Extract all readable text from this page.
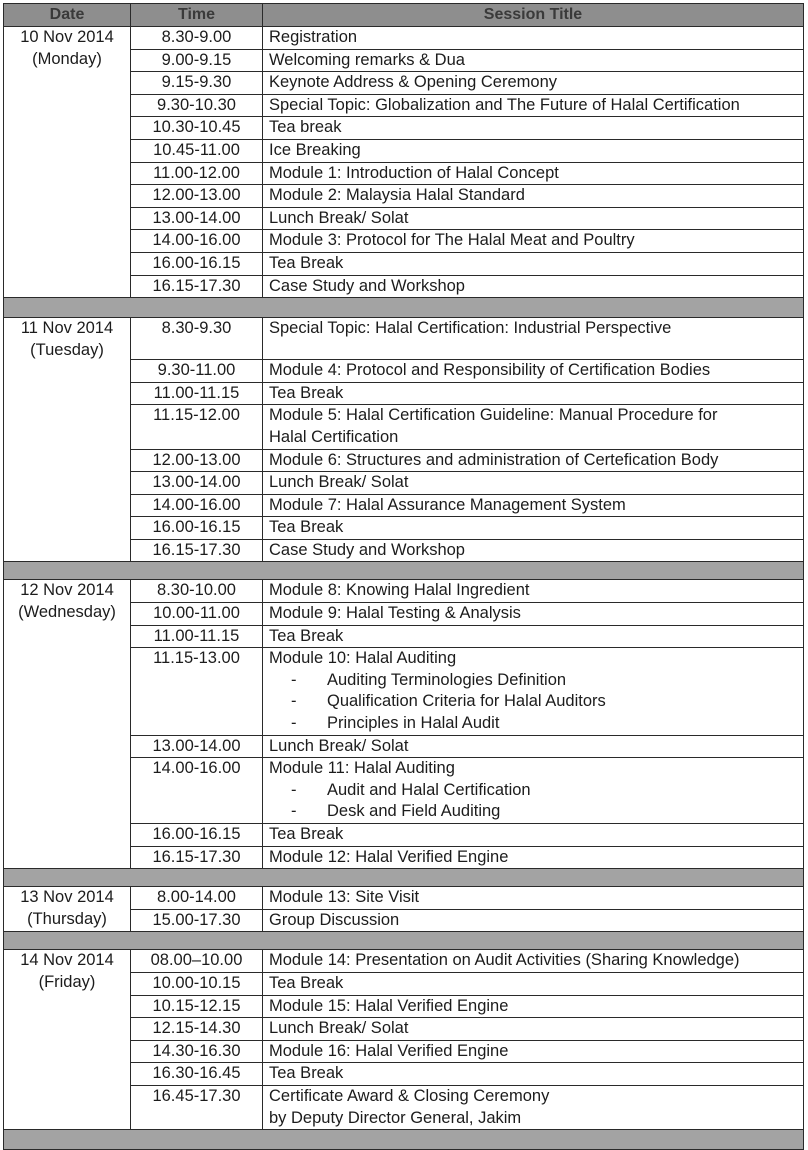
Date	Time	Session Title

10 Nov 2014
(Monday)	8.30-9.00	Registration

	9.00-9.15	Welcoming remarks & Dua

	9.15-9.30	Keynote Address & Opening Ceremony

	9.30-10.30	Special Topic: Globalization and The Future of Halal Certification

	10.30-10.45	Tea break

	10.45-11.00	Ice Breaking

	11.00-12.00	Module 1: Introduction of Halal Concept

	12.00-13.00	Module 2: Malaysia Halal Standard

	13.00-14.00	Lunch Break/ Solat

	14.00-16.00	Module 3: Protocol for The Halal Meat and Poultry

	16.00-16.15	Tea Break

	16.15-17.30	Case Study and Workshop

11 Nov 2014
(Tuesday)	8.30-9.30	Special Topic: Halal Certification: Industrial Perspective

	9.30-11.00	Module 4: Protocol and Responsibility of Certification Bodies

	11.00-11.15	Tea Break

	11.15-12.00	Module 5: Halal Certification Guideline: Manual Procedure for
Halal Certification

	12.00-13.00	Module 6: Structures and administration of Certefication Body

	13.00-14.00	Lunch Break/ Solat

	14.00-16.00	Module 7: Halal Assurance Management System

	16.00-16.15	Tea Break

	16.15-17.30	Case Study and Workshop

12 Nov 2014
(Wednesday)	8.30-10.00	Module 8: Knowing Halal Ingredient

	10.00-11.00	Module 9: Halal Testing & Analysis

	11.00-11.15	Tea Break

	11.15-13.00	Module 10: Halal Auditing
- Auditing Terminologies Definition
- Qualification Criteria for Halal Auditors
- Principles in Halal Audit

	13.00-14.00	Lunch Break/ Solat

	14.00-16.00	Module 11: Halal Auditing
- Audit and Halal Certification
- Desk and Field Auditing

	16.00-16.15	Tea Break

	16.15-17.30	Module 12: Halal Verified Engine

13 Nov 2014
(Thursday)	8.00-14.00	Module 13: Site Visit

	15.00-17.30	Group Discussion

14 Nov 2014
(Friday)	08.00–10.00	Module 14: Presentation on Audit Activities (Sharing Knowledge)

	10.00-10.15	Tea Break

	10.15-12.15	Module 15: Halal Verified Engine

	12.15-14.30	Lunch Break/ Solat

	14.30-16.30	Module 16: Halal Verified Engine

	16.30-16.45	Tea Break

	16.45-17.30	Certificate Award & Closing Ceremony
by Deputy Director General, Jakim
